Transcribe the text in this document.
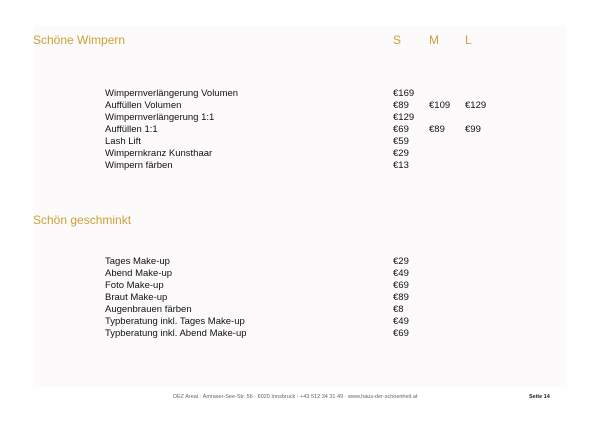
Schöne Wimpern	S M L
Wimpernverlängerung Volumen	€169
Auffüllen Volumen	€89 €109 €129
Wimpernverlängerung 1:1	€129
Auffüllen 1:1	€69 €89 €99
Lash Lift	€59
Wimpernkranz Kunsthaar	€29
Wimpern färben	€13
Schön geschminkt
Tages Make-up	€29
Abend Make-up	€49
Foto Make-up	€69
Braut Make-up	€89
Augenbrauen färben	€8
Typberatung inkl. Tages Make-up	€49
Typberatung inkl. Abend Make-up	€69
DEZ Areal · Amraser-See-Str. 56 · 6020 Innsbruck · +43 512 34 31 49 · www.haus-der-schoenheit.at	Seite 14
